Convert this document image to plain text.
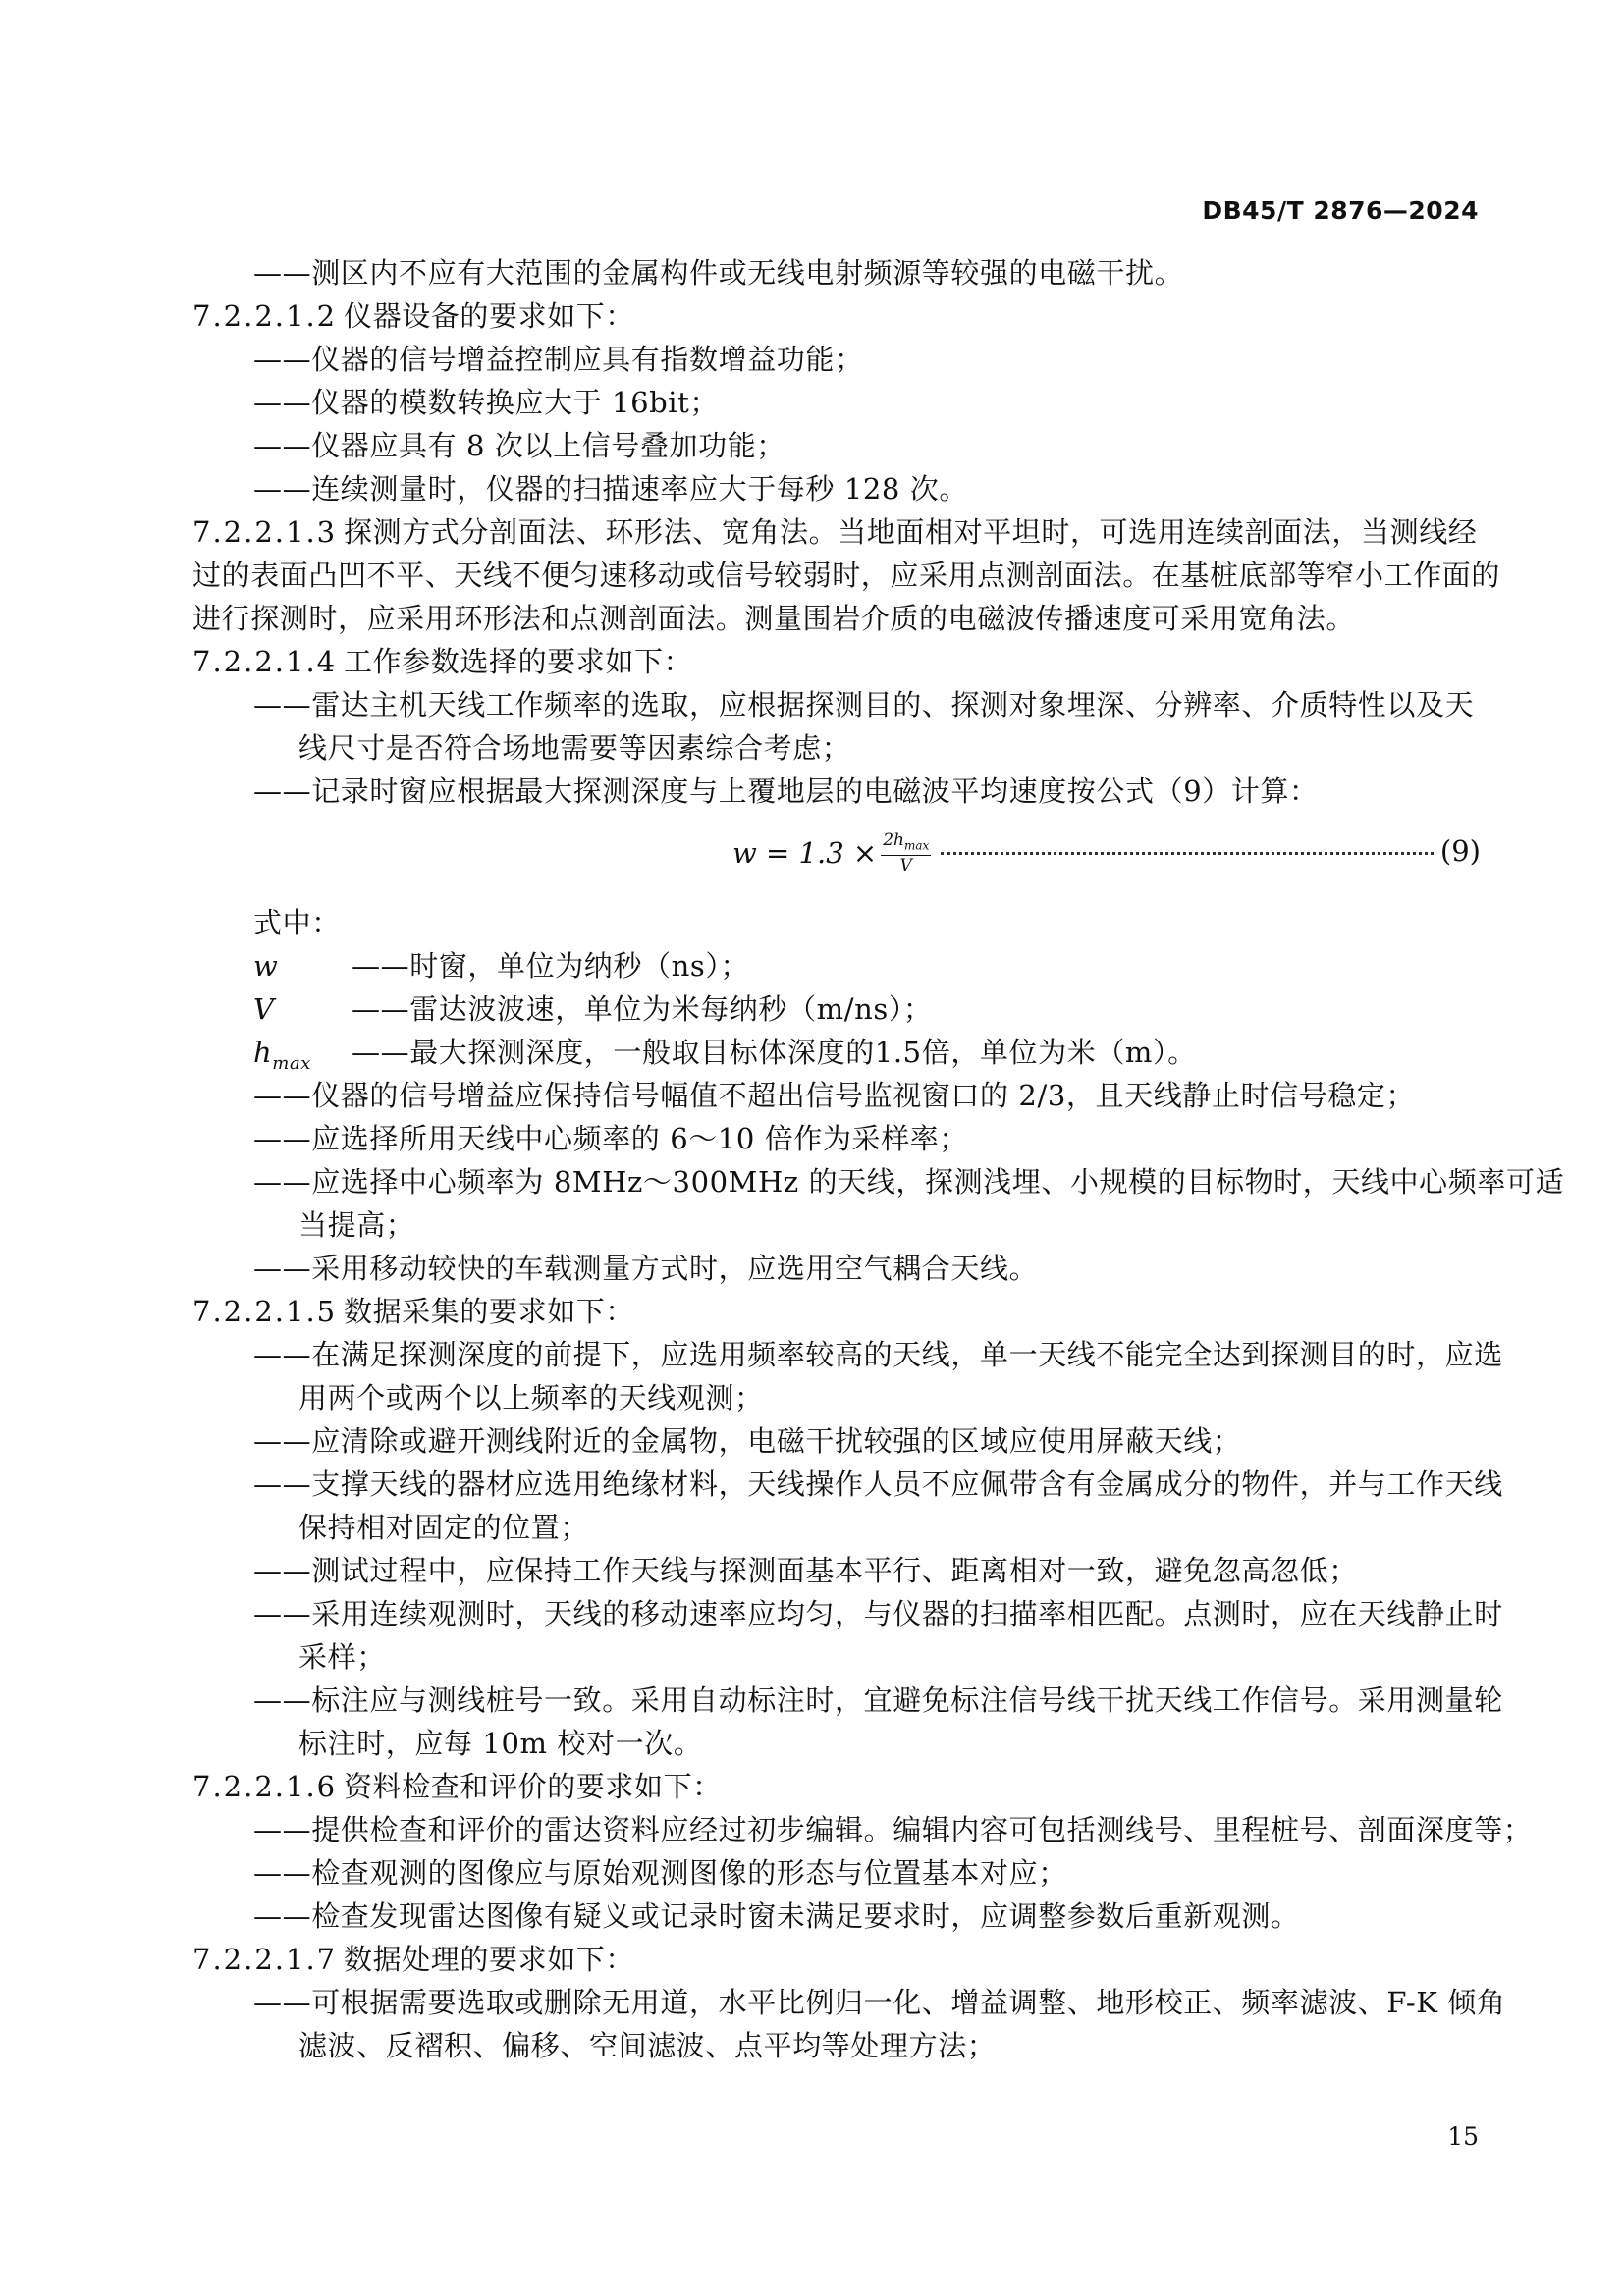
DB45/T 2876—2024
——测区内不应有大范围的金属构件或无线电射频源等较强的电磁干扰。
7.2.2.1.2 仪器设备的要求如下：
——仪器的信号增益控制应具有指数增益功能；
——仪器的模数转换应大于 16bit；
——仪器应具有 8 次以上信号叠加功能；
——连续测量时，仪器的扫描速率应大于每秒 128 次。
7.2.2.1.3 探测方式分剖面法、环形法、宽角法。当地面相对平坦时，可选用连续剖面法，当测线经
过的表面凸凹不平、天线不便匀速移动或信号较弱时，应采用点测剖面法。在基桩底部等窄小工作面的
进行探测时，应采用环形法和点测剖面法。测量围岩介质的电磁波传播速度可采用宽角法。
7.2.2.1.4 工作参数选择的要求如下：
——雷达主机天线工作频率的选取，应根据探测目的、探测对象埋深、分辨率、介质特性以及天
线尺寸是否符合场地需要等因素综合考虑；
——记录时窗应根据最大探测深度与上覆地层的电磁波平均速度按公式（9）计算：
$w = 1.3 \times \frac{2h_{max}}{V}$	(9)
式中：
w	——时窗，单位为纳秒（ns）；
V	——雷达波波速，单位为米每纳秒（m/ns）；
$h_{max}$ ——最大探测深度，一般取目标体深度的1.5倍，单位为米（m）。
——仪器的信号增益应保持信号幅值不超出信号监视窗口的 2/3，且天线静止时信号稳定；
——应选择所用天线中心频率的 6～10 倍作为采样率；
——应选择中心频率为 8MHz～300MHz 的天线，探测浅埋、小规模的目标物时，天线中心频率可适
当提高；
——采用移动较快的车载测量方式时，应选用空气耦合天线。
7.2.2.1.5 数据采集的要求如下：
——在满足探测深度的前提下，应选用频率较高的天线，单一天线不能完全达到探测目的时，应选
用两个或两个以上频率的天线观测；
——应清除或避开测线附近的金属物，电磁干扰较强的区域应使用屏蔽天线；
——支撑天线的器材应选用绝缘材料，天线操作人员不应佩带含有金属成分的物件，并与工作天线
保持相对固定的位置；
——测试过程中，应保持工作天线与探测面基本平行、距离相对一致，避免忽高忽低；
——采用连续观测时，天线的移动速率应均匀，与仪器的扫描率相匹配。点测时，应在天线静止时
采样；
——标注应与测线桩号一致。采用自动标注时，宜避免标注信号线干扰天线工作信号。采用测量轮
标注时，应每 10m 校对一次。
7.2.2.1.6 资料检查和评价的要求如下：
——提供检查和评价的雷达资料应经过初步编辑。编辑内容可包括测线号、里程桩号、剖面深度等；
——检查观测的图像应与原始观测图像的形态与位置基本对应；
——检查发现雷达图像有疑义或记录时窗未满足要求时，应调整参数后重新观测。
7.2.2.1.7 数据处理的要求如下：
——可根据需要选取或删除无用道，水平比例归一化、增益调整、地形校正、频率滤波、F-K 倾角
滤波、反褶积、偏移、空间滤波、点平均等处理方法；
15
